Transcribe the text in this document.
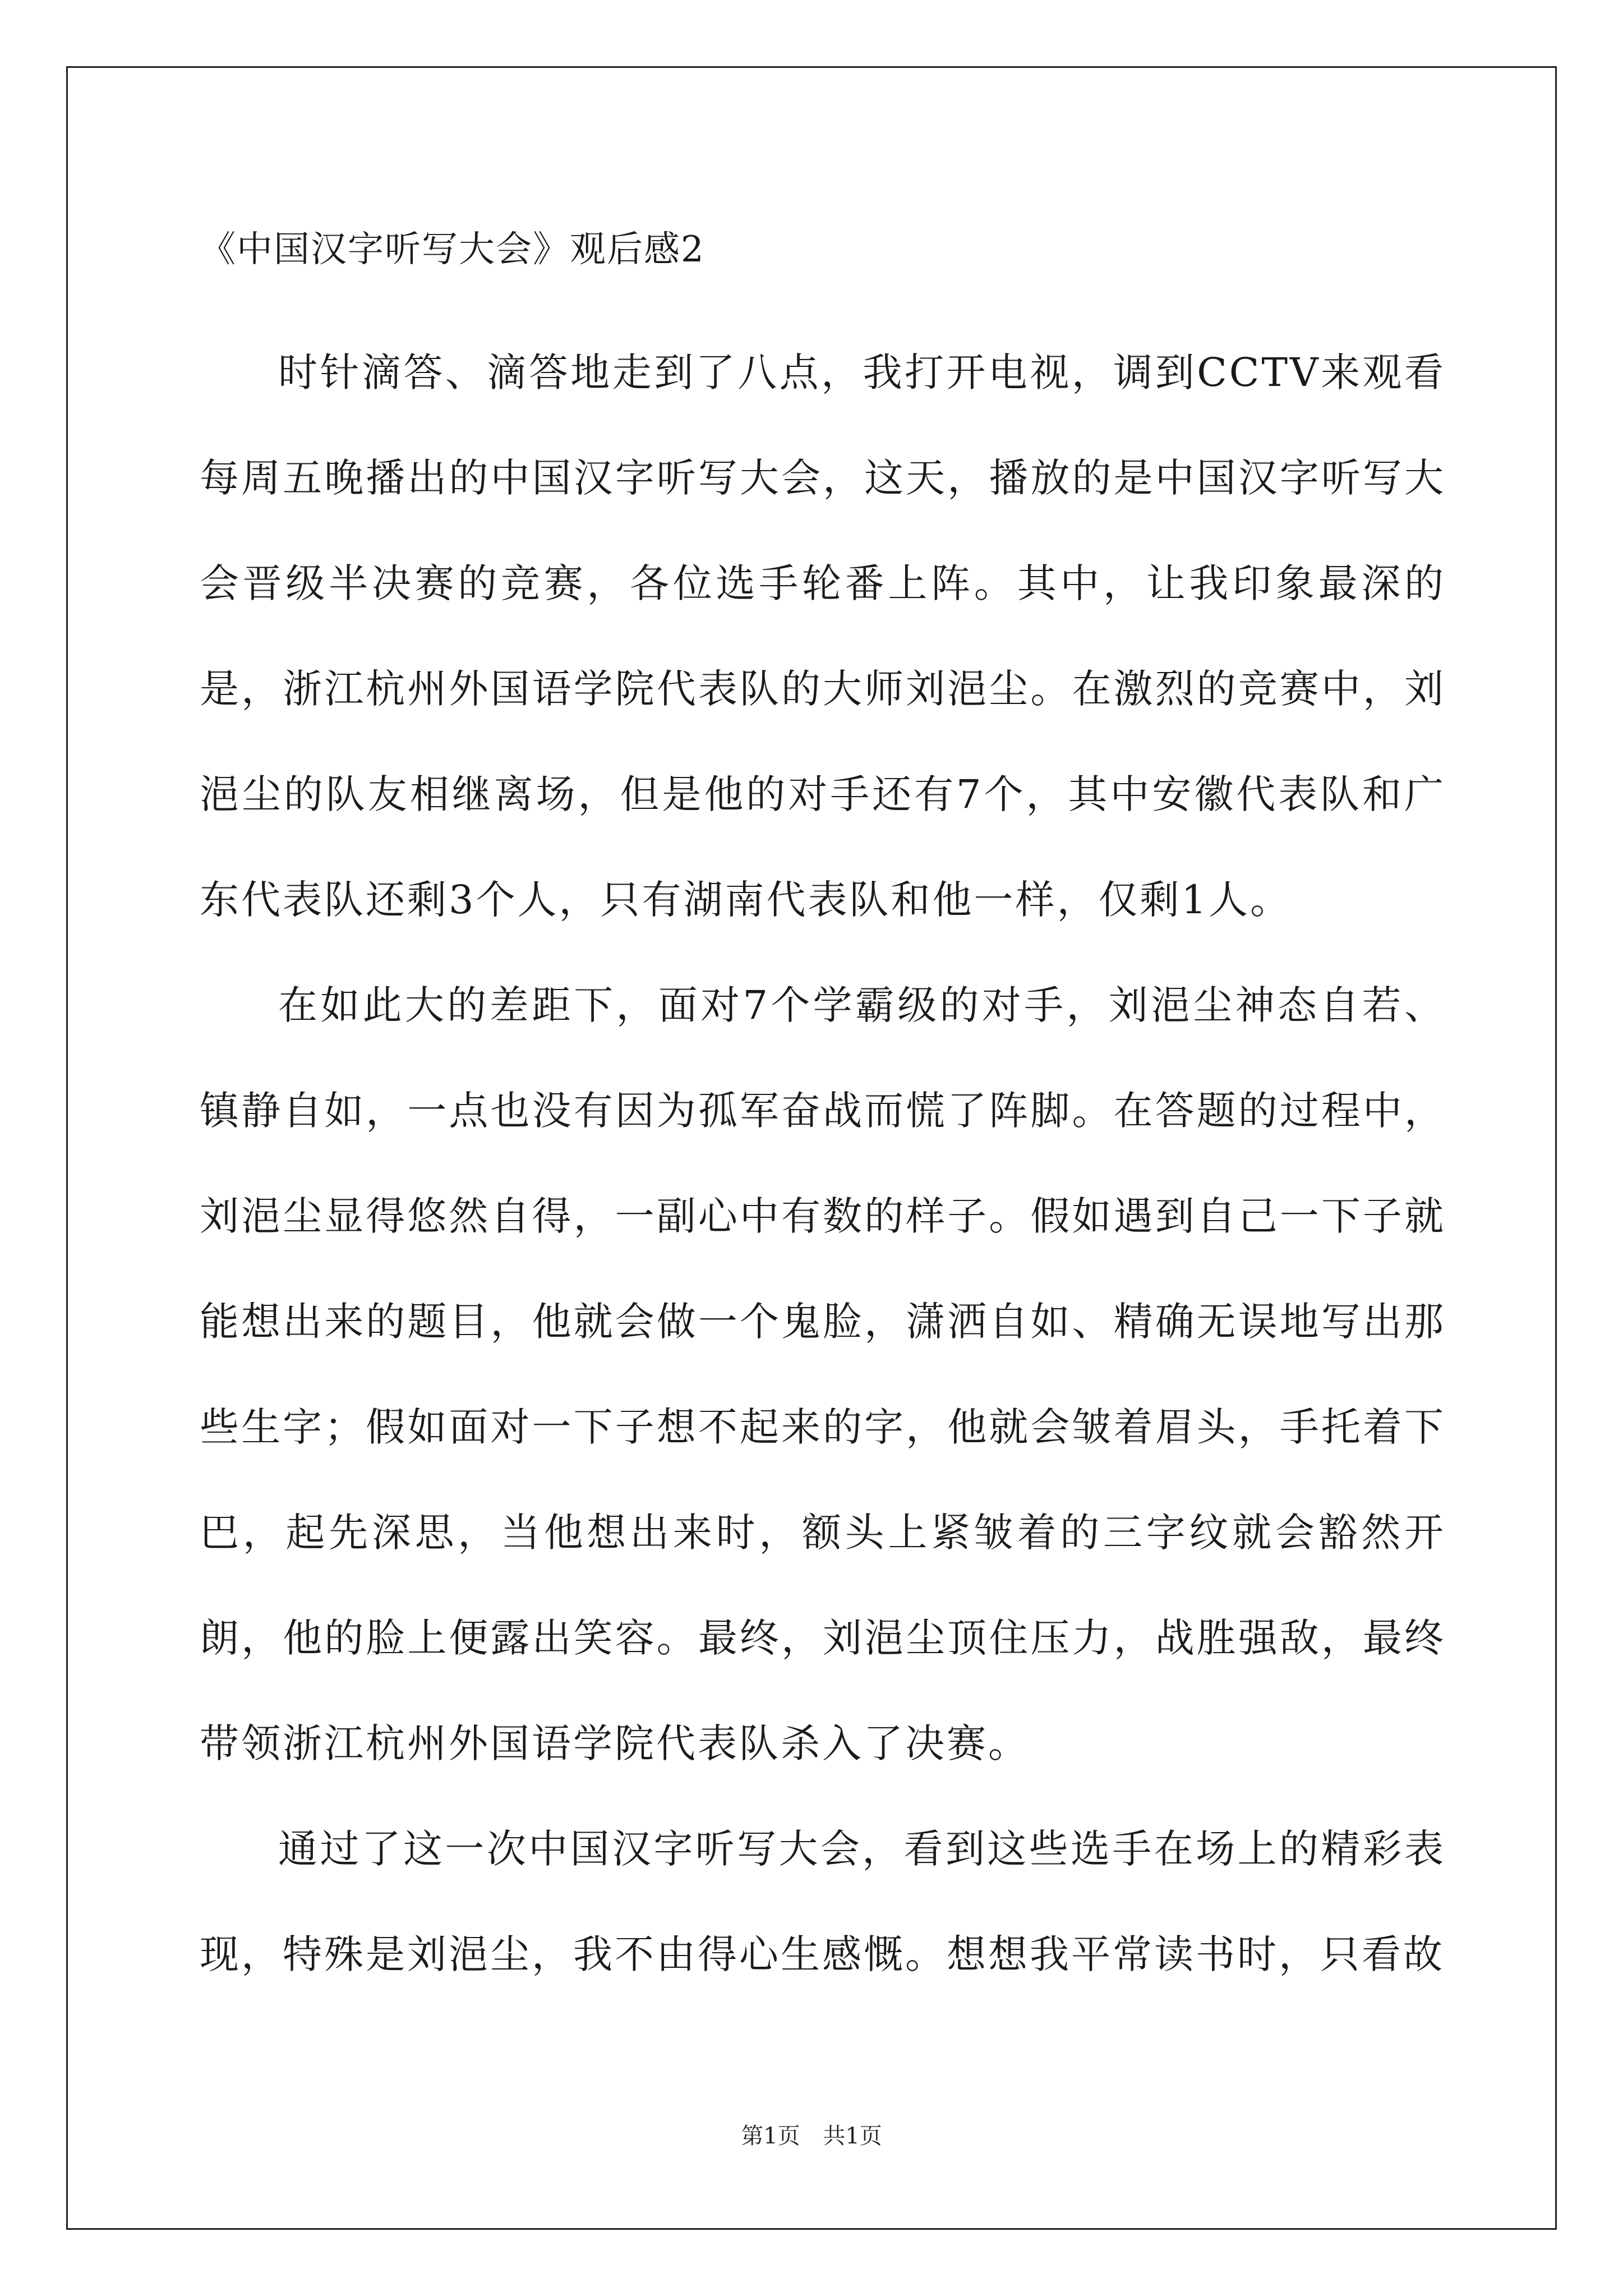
《中国汉字听写大会》观后感2

时针滴答、滴答地走到了八点，我打开电视，调到CCTV来观看每周五晚播出的中国汉字听写大会，这天，播放的是中国汉字听写大会晋级半决赛的竞赛，各位选手轮番上阵。其中，让我印象最深的是，浙江杭州外国语学院代表队的大师刘浥尘。在激烈的竞赛中，刘浥尘的队友相继离场，但是他的对手还有7个，其中安徽代表队和广东代表队还剩3个人，只有湖南代表队和他一样，仅剩1人。

在如此大的差距下，面对7个学霸级的对手，刘浥尘神态自若、镇静自如，一点也没有因为孤军奋战而慌了阵脚。在答题的过程中，刘浥尘显得悠然自得，一副心中有数的样子。假如遇到自己一下子就能想出来的题目，他就会做一个鬼脸，潇洒自如、精确无误地写出那些生字；假如面对一下子想不起来的字，他就会皱着眉头，手托着下巴，起先深思，当他想出来时，额头上紧皱着的三字纹就会豁然开朗，他的脸上便露出笑容。最终，刘浥尘顶住压力，战胜强敌，最终带领浙江杭州外国语学院代表队杀入了决赛。

通过了这一次中国汉字听写大会，看到这些选手在场上的精彩表现，特殊是刘浥尘，我不由得心生感慨。想想我平常读书时，只看故

第1页 共1页
